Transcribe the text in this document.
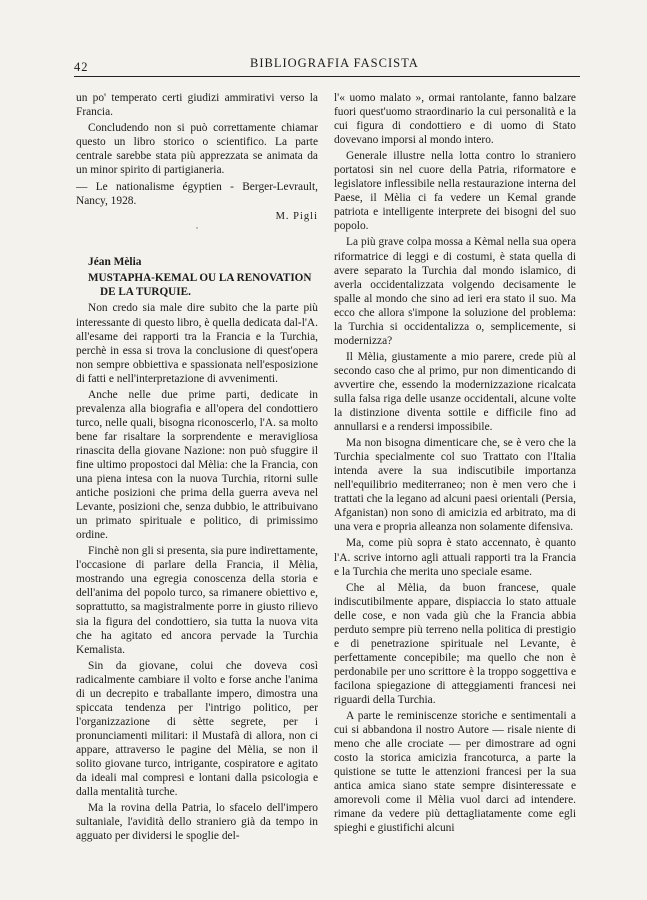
42	BIBLIOGRAFIA FASCISTA

un po' temperato certi giudizi ammirativi verso la Francia.

Concludendo non si può correttamente chiamar questo un libro storico o scientifico. La parte centrale sarebbe stata più apprezzata se animata da un minor spirito di partigianeria.

— Le nationalisme égyptien - Berger-Levrault, Nancy, 1928.

M. Pigli

·

Jéan Mèlia

MUSTAPHA-KEMAL OU LA RENOVATION
DE LA TURQUIE.

Non credo sia male dire subito che la parte più interessante di questo libro, è quella dedicata dal-l'A. all'esame dei rapporti tra la Francia e la Turchia, perchè in essa si trova la conclusione di quest'opera non sempre obbiettiva e spassionata nell'esposizione di fatti e nell'interpretazione di avvenimenti.

Anche nelle due prime parti, dedicate in prevalenza alla biografia e all'opera del condottiero turco, nelle quali, bisogna riconoscerlo, l'A. sa molto bene far risaltare la sorprendente e meravigliosa rinascita della giovane Nazione: non può sfuggire il fine ultimo propostoci dal Mèlia: che la Francia, con una piena intesa con la nuova Turchia, ritorni sulle antiche posizioni che prima della guerra aveva nel Levante, posizioni che, senza dubbio, le attribuivano un primato spirituale e politico, di primissimo ordine.

Finchè non gli si presenta, sia pure indirettamente, l'occasione di parlare della Francia, il Mèlia, mostrando una egregia conoscenza della storia e dell'anima del popolo turco, sa rimanere obiettivo e, soprattutto, sa magistralmente porre in giusto rilievo sia la figura del condottiero, sia tutta la nuova vita che ha agitato ed ancora pervade la Turchia Kemalista.

Sin da giovane, colui che doveva così radicalmente cambiare il volto e forse anche l'anima di un decrepito e traballante impero, dimostra una spiccata tendenza per l'intrigo politico, per l'organizzazione di sètte segrete, per i pronunciamenti militari: il Mustafà di allora, non ci appare, attraverso le pagine del Mèlia, se non il solito giovane turco, intrigante, cospiratore e agitato da ideali mal compresi e lontani dalla psicologia e dalla mentalità turche.

Ma la rovina della Patria, lo sfacelo dell'impero sultaniale, l'avidità dello straniero già da tempo in agguato per dividersi le spoglie del-

l'« uomo malato », ormai rantolante, fanno balzare fuori quest'uomo straordinario la cui personalità e la cui figura di condottiero e di uomo di Stato dovevano imporsi al mondo intero.

Generale illustre nella lotta contro lo straniero portatosi sin nel cuore della Patria, riformatore e legislatore inflessibile nella restaurazione interna del Paese, il Mèlia ci fa vedere un Kemal grande patriota e intelligente interprete dei bisogni del suo popolo.

La più grave colpa mossa a Kèmal nella sua opera riformatrice di leggi e di costumi, è stata quella di avere separato la Turchia dal mondo islamico, di averla occidentalizzata volgendo decisamente le spalle al mondo che sino ad ieri era stato il suo. Ma ecco che allora s'impone la soluzione del problema: la Turchia si occidentalizza o, semplicemente, si modernizza?

Il Mèlia, giustamente a mio parere, crede più al secondo caso che al primo, pur non dimenticando di avvertire che, essendo la modernizzazione ricalcata sulla falsa riga delle usanze occidentali, alcune volte la distinzione diventa sottile e difficile fino ad annullarsi e a rendersi impossibile.

Ma non bisogna dimenticare che, se è vero che la Turchia specialmente col suo Trattato con l'Italia intenda avere la sua indiscutibile importanza nell'equilibrio mediterraneo; non è men vero che i trattati che la legano ad alcuni paesi orientali (Persia, Afganistan) non sono di amicizia ed arbitrato, ma di una vera e propria alleanza non solamente difensiva.

Ma, come più sopra è stato accennato, è quanto l'A. scrive intorno agli attuali rapporti tra la Francia e la Turchia che merita uno speciale esame.

Che al Mèlia, da buon francese, quale indiscutibilmente appare, dispiaccia lo stato attuale delle cose, e non vada giù che la Francia abbia perduto sempre più terreno nella politica di prestigio e di penetrazione spirituale nel Levante, è perfettamente concepibile; ma quello che non è perdonabile per uno scrittore è la troppo soggettiva e facilona spiegazione di atteggiamenti francesi nei riguardi della Turchia.

A parte le reminiscenze storiche e sentimentali a cui si abbandona il nostro Autore — risale niente di meno che alle crociate — per dimostrare ad ogni costo la storica amicizia francoturca, a parte la quistione se tutte le attenzioni francesi per la sua antica amica siano state sempre disinteressate e amorevoli come il Mèlia vuol darci ad intendere. rimane da vedere più dettagliatamente come egli spieghi e giustifichi alcuni
